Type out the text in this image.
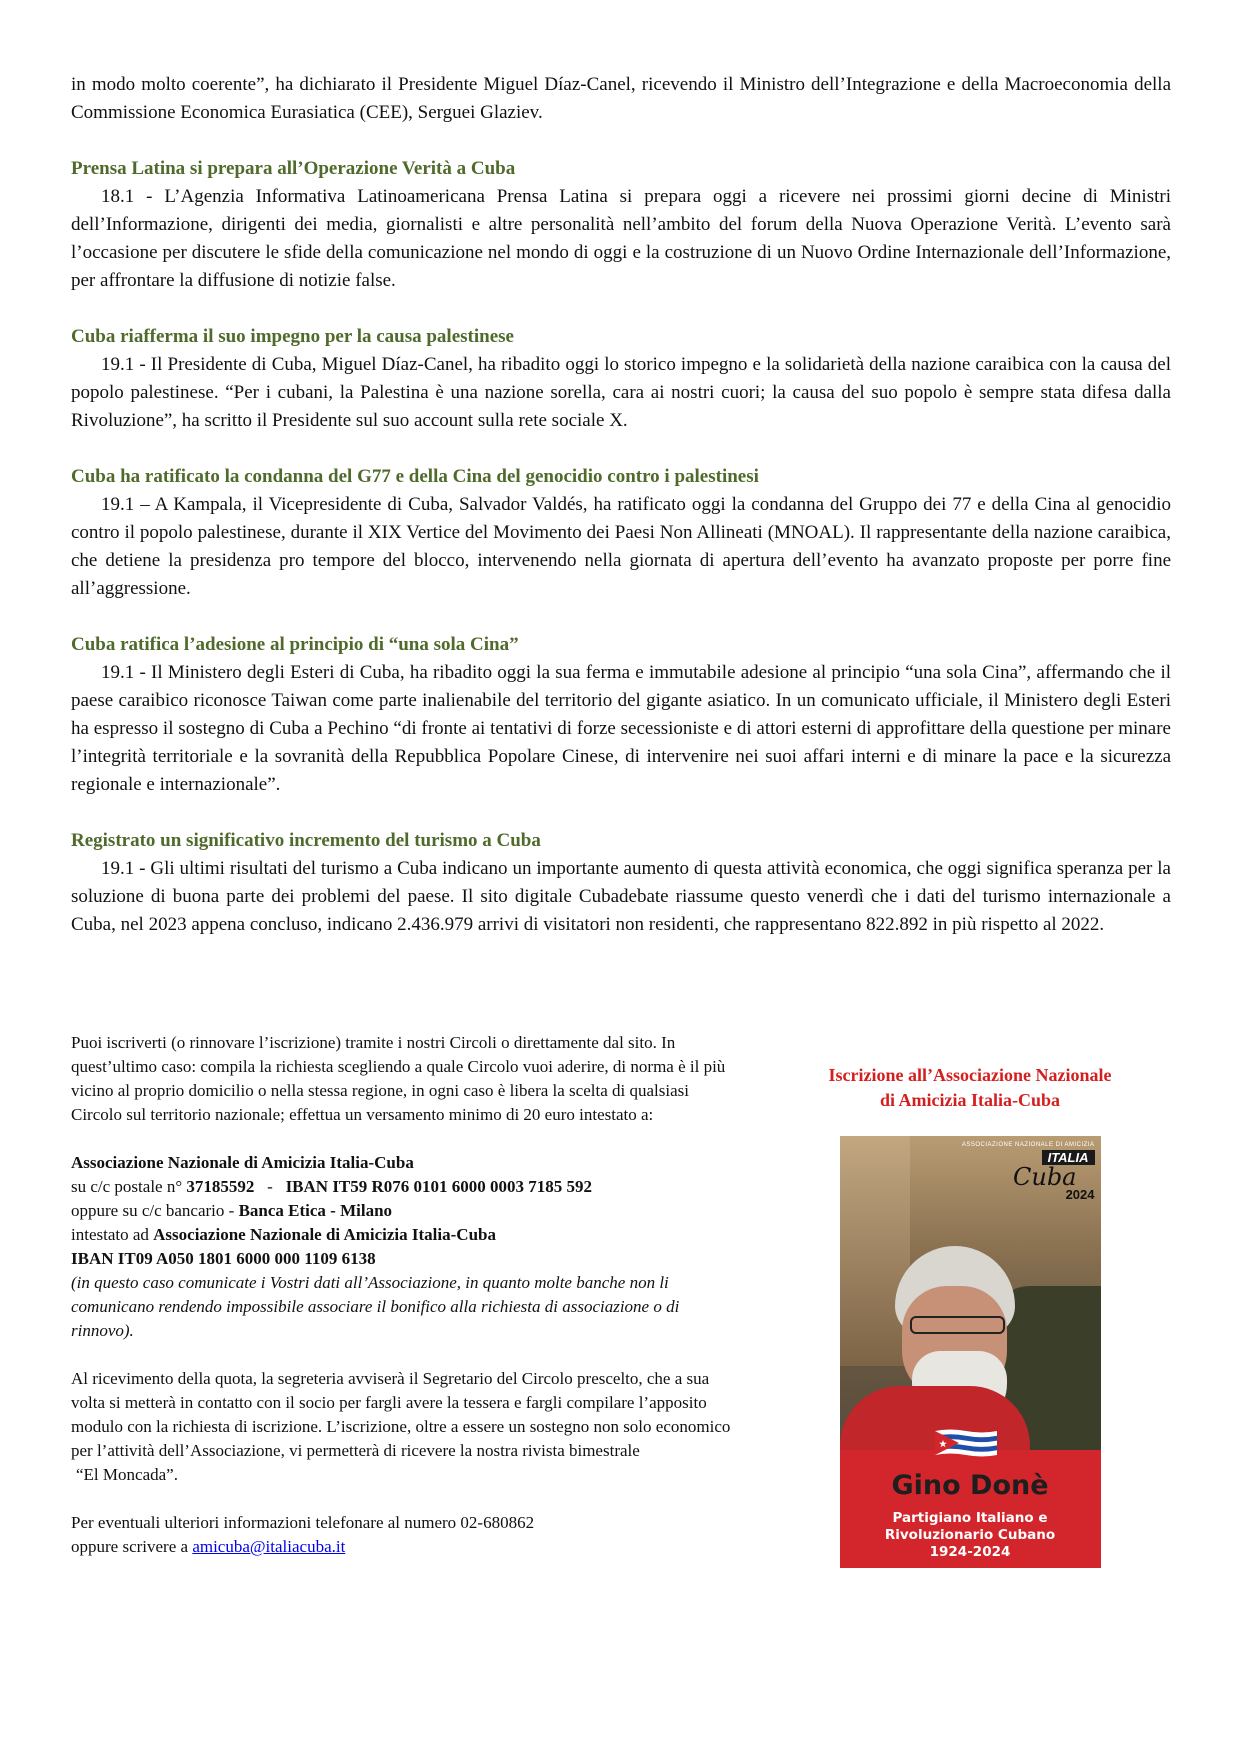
in modo molto coerente”, ha dichiarato il Presidente Miguel Díaz-Canel, ricevendo il Ministro dell’Integrazione e della Macroeconomia della Commissione Economica Eurasiatica (CEE), Serguei Glaziev.

Prensa Latina si prepara all’Operazione Verità a Cuba

18.1 - L’Agenzia Informativa Latinoamericana Prensa Latina si prepara oggi a ricevere nei prossimi giorni decine di Ministri dell’Informazione, dirigenti dei media, giornalisti e altre personalità nell’ambito del forum della Nuova Operazione Verità. L’evento sarà l’occasione per discutere le sfide della comunicazione nel mondo di oggi e la costruzione di un Nuovo Ordine Internazionale dell’Informazione, per affrontare la diffusione di notizie false.

Cuba riafferma il suo impegno per la causa palestinese

19.1 - Il Presidente di Cuba, Miguel Díaz-Canel, ha ribadito oggi lo storico impegno e la solidarietà della nazione caraibica con la causa del popolo palestinese. “Per i cubani, la Palestina è una nazione sorella, cara ai nostri cuori; la causa del suo popolo è sempre stata difesa dalla Rivoluzione”, ha scritto il Presidente sul suo account sulla rete sociale X.

Cuba ha ratificato la condanna del G77 e della Cina del genocidio contro i palestinesi

19.1 – A Kampala, il Vicepresidente di Cuba, Salvador Valdés, ha ratificato oggi la condanna del Gruppo dei 77 e della Cina al genocidio contro il popolo palestinese, durante il XIX Vertice del Movimento dei Paesi Non Allineati (MNOAL). Il rappresentante della nazione caraibica, che detiene la presidenza pro tempore del blocco, intervenendo nella giornata di apertura dell’evento ha avanzato proposte per porre fine all’aggressione.

Cuba ratifica l’adesione al principio di “una sola Cina”

19.1 - Il Ministero degli Esteri di Cuba, ha ribadito oggi la sua ferma e immutabile adesione al principio “una sola Cina”, affermando che il paese caraibico riconosce Taiwan come parte inalienabile del territorio del gigante asiatico. In un comunicato ufficiale, il Ministero degli Esteri ha espresso il sostegno di Cuba a Pechino “di fronte ai tentativi di forze secessioniste e di attori esterni di approfittare della questione per minare l’integrità territoriale e la sovranità della Repubblica Popolare Cinese, di intervenire nei suoi affari interni e di minare la pace e la sicurezza regionale e internazionale”.

Registrato un significativo incremento del turismo a Cuba

19.1 - Gli ultimi risultati del turismo a Cuba indicano un importante aumento di questa attività economica, che oggi significa speranza per la soluzione di buona parte dei problemi del paese. Il sito digitale Cubadebate riassume questo venerdì che i dati del turismo internazionale a Cuba, nel 2023 appena concluso, indicano 2.436.979 arrivi di visitatori non residenti, che rappresentano 822.892 in più rispetto al 2022.

Puoi iscriverti (o rinnovare l’iscrizione) tramite i nostri Circoli o direttamente dal sito. In quest’ultimo caso: compila la richiesta scegliendo a quale Circolo vuoi aderire, di norma è il più vicino al proprio domicilio o nella stessa regione, in ogni caso è libera la scelta di qualsiasi Circolo sul territorio nazionale; effettua un versamento minimo di 20 euro intestato a:

Associazione Nazionale di Amicizia Italia-Cuba

su c/c postale n° 37185592   -   IBAN IT59 R076 0101 6000 0003 7185 592

oppure su c/c bancario - Banca Etica - Milano

intestato ad Associazione Nazionale di Amicizia Italia-Cuba

IBAN IT09 A050 1801 6000 000 1109 6138

(in questo caso comunicate i Vostri dati all’Associazione, in quanto molte banche non li comunicano rendendo impossibile associare il bonifico alla richiesta di associazione o di rinnovo).

Al ricevimento della quota, la segreteria avviserà il Segretario del Circolo prescelto, che a sua volta si metterà in contatto con il socio per fargli avere la tessera e fargli compilare l’apposito modulo con la richiesta di iscrizione. L’iscrizione, oltre a essere un sostegno non solo economico per l’attività dell’Associazione, vi permetterà di ricevere la nostra rivista bimestrale
“El Moncada”.

Per eventuali ulteriori informazioni telefonare al numero 02-680862

oppure scrivere a amicuba@italiacuba.it

Iscrizione all’Associazione Nazionale
di Amicizia Italia-Cuba
ASSOCIAZIONE NAZIONALE DI AMICIZIA
ITALIA
Cuba
2024
Gino Donè
Partigiano Italiano e
Rivoluzionario Cubano
1924-2024
